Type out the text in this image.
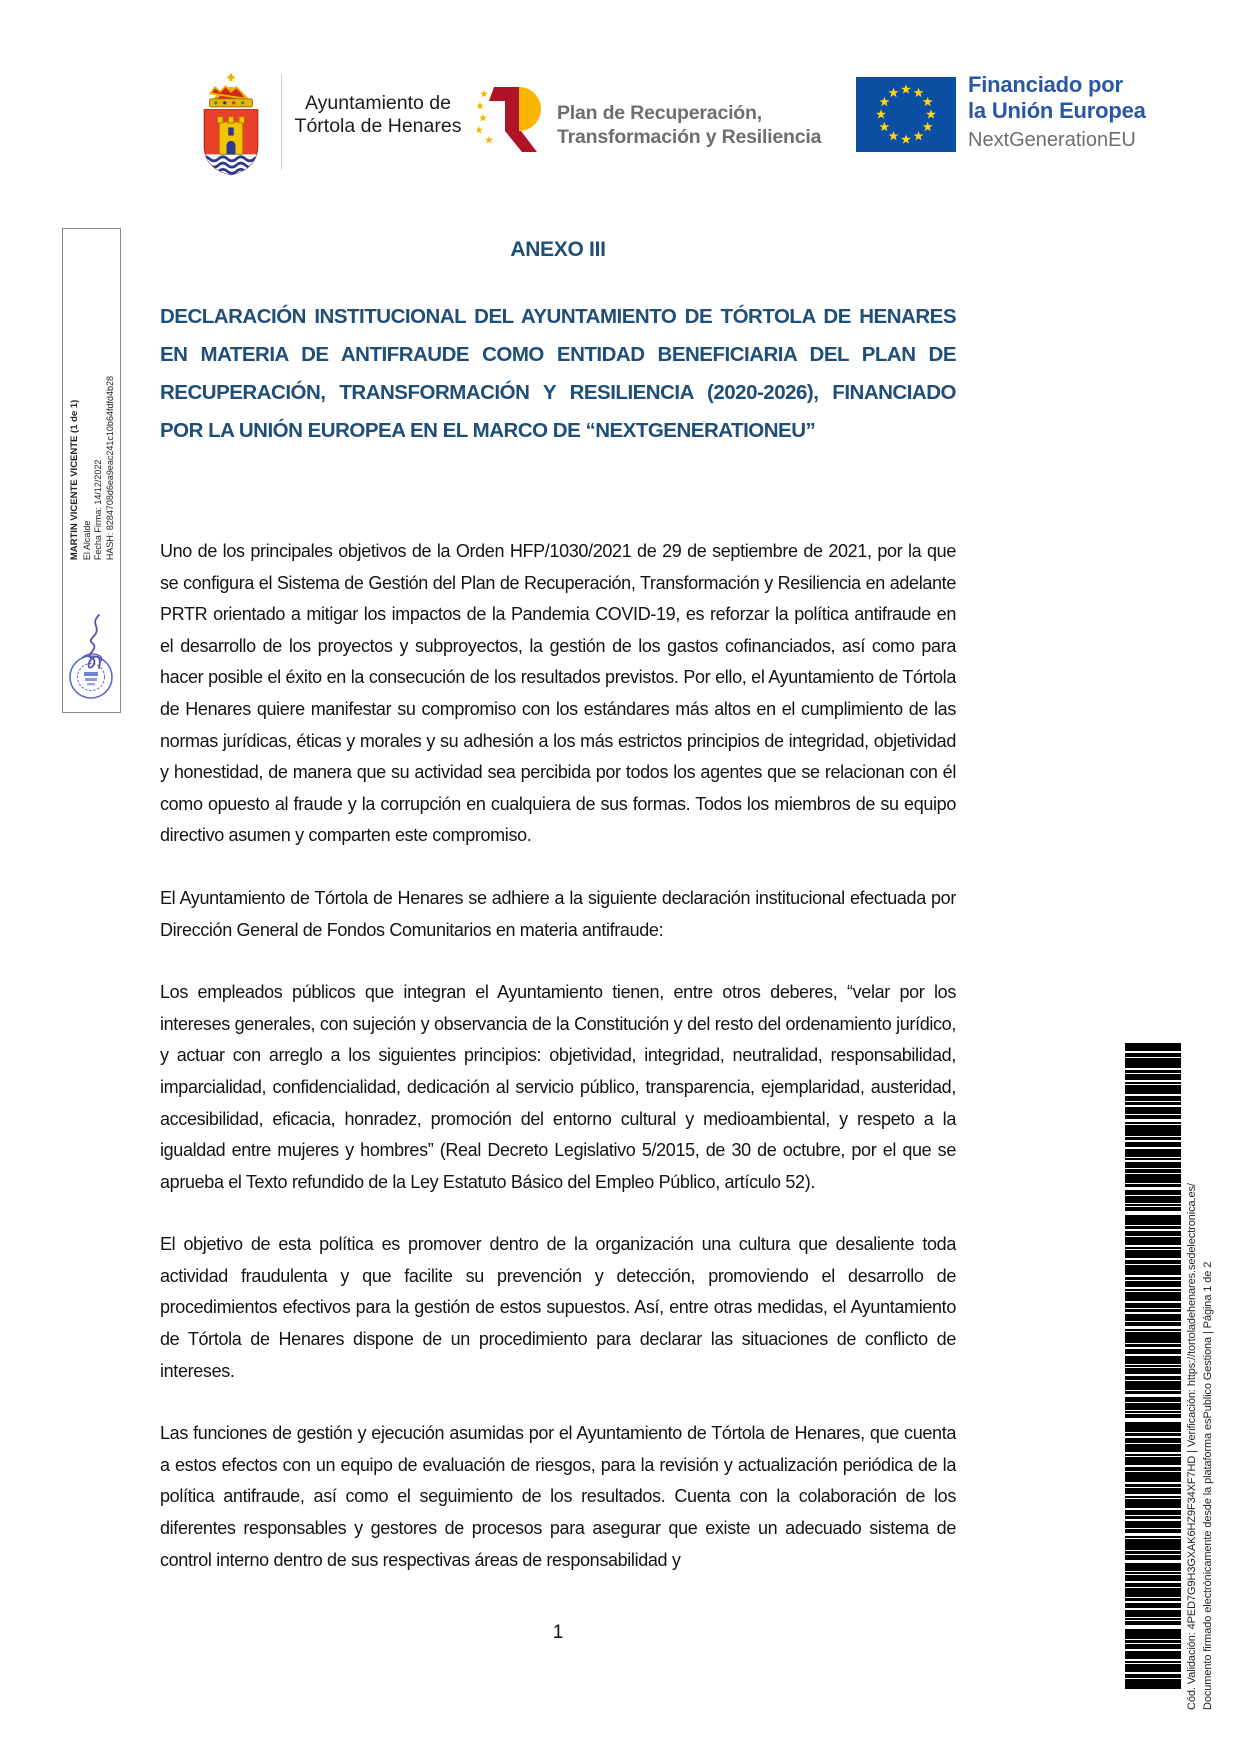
Ayuntamiento de
Tórtola de Henares
Plan de Recuperación,
Transformación y Resiliencia
Financiado por
la Unión Europea
NextGenerationEU
MARTIN VICENTE VICENTE (1 de 1) El Alcalde Fecha Firma: 14/12/2022 HASH: 8284708d6ea9eac241c10b64fdfd4b28

ANEXO III

DECLARACIÓN INSTITUCIONAL DEL AYUNTAMIENTO DE TÓRTOLA DE HENARES EN MATERIA DE ANTIFRAUDE COMO ENTIDAD BENEFICIARIA DEL PLAN DE RECUPERACIÓN, TRANSFORMACIÓN Y RESILIENCIA (2020-2026), FINANCIADO POR LA UNIÓN EUROPEA EN EL MARCO DE “NEXTGENERATIONEU”

Uno de los principales objetivos de la Orden HFP/1030/2021 de 29 de septiembre de 2021, por la que se configura el Sistema de Gestión del Plan de Recuperación, Transformación y Resiliencia en adelante PRTR orientado a mitigar los impactos de la Pandemia COVID-19, es reforzar la política antifraude en el desarrollo de los proyectos y subproyectos, la gestión de los gastos cofinanciados, así como para hacer posible el éxito en la consecución de los resultados previstos. Por ello, el Ayuntamiento de Tórtola de Henares quiere manifestar su compromiso con los estándares más altos en el cumplimiento de las normas jurídicas, éticas y morales y su adhesión a los más estrictos principios de integridad, objetividad y honestidad, de manera que su actividad sea percibida por todos los agentes que se relacionan con él como opuesto al fraude y la corrupción en cualquiera de sus formas. Todos los miembros de su equipo directivo asumen y comparten este compromiso.

El Ayuntamiento de Tórtola de Henares se adhiere a la siguiente declaración institucional efectuada por Dirección General de Fondos Comunitarios en materia antifraude:

Los empleados públicos que integran el Ayuntamiento tienen, entre otros deberes, “velar por los intereses generales, con sujeción y observancia de la Constitución y del resto del ordenamiento jurídico, y actuar con arreglo a los siguientes principios: objetividad, integridad, neutralidad, responsabilidad, imparcialidad, confidencialidad, dedicación al servicio público, transparencia, ejemplaridad, austeridad, accesibilidad, eficacia, honradez, promoción del entorno cultural y medioambiental, y respeto a la igualdad entre mujeres y hombres” (Real Decreto Legislativo 5/2015, de 30 de octubre, por el que se aprueba el Texto refundido de la Ley Estatuto Básico del Empleo Público, artículo 52).

El objetivo de esta política es promover dentro de la organización una cultura que desaliente toda actividad fraudulenta y que facilite su prevención y detección, promoviendo el desarrollo de procedimientos efectivos para la gestión de estos supuestos. Así, entre otras medidas, el Ayuntamiento de Tórtola de Henares dispone de un procedimiento para declarar las situaciones de conflicto de intereses.

Las funciones de gestión y ejecución asumidas por el Ayuntamiento de Tórtola de Henares, que cuenta a estos efectos con un equipo de evaluación de riesgos, para la revisión y actualización periódica de la política antifraude, así como el seguimiento de los resultados. Cuenta con la colaboración de los diferentes responsables y gestores de procesos para asegurar que existe un adecuado sistema de control interno dentro de sus respectivas áreas de responsabilidad y

1	Cód. Validación: 4PED7G9H3GXAK6HZ9F34XF7HD | Verificación: https://tortoladehenares.sedelectronica.es/ Documento firmado electrónicamente desde la plataforma esPublico Gestiona | Página 1 de 2
